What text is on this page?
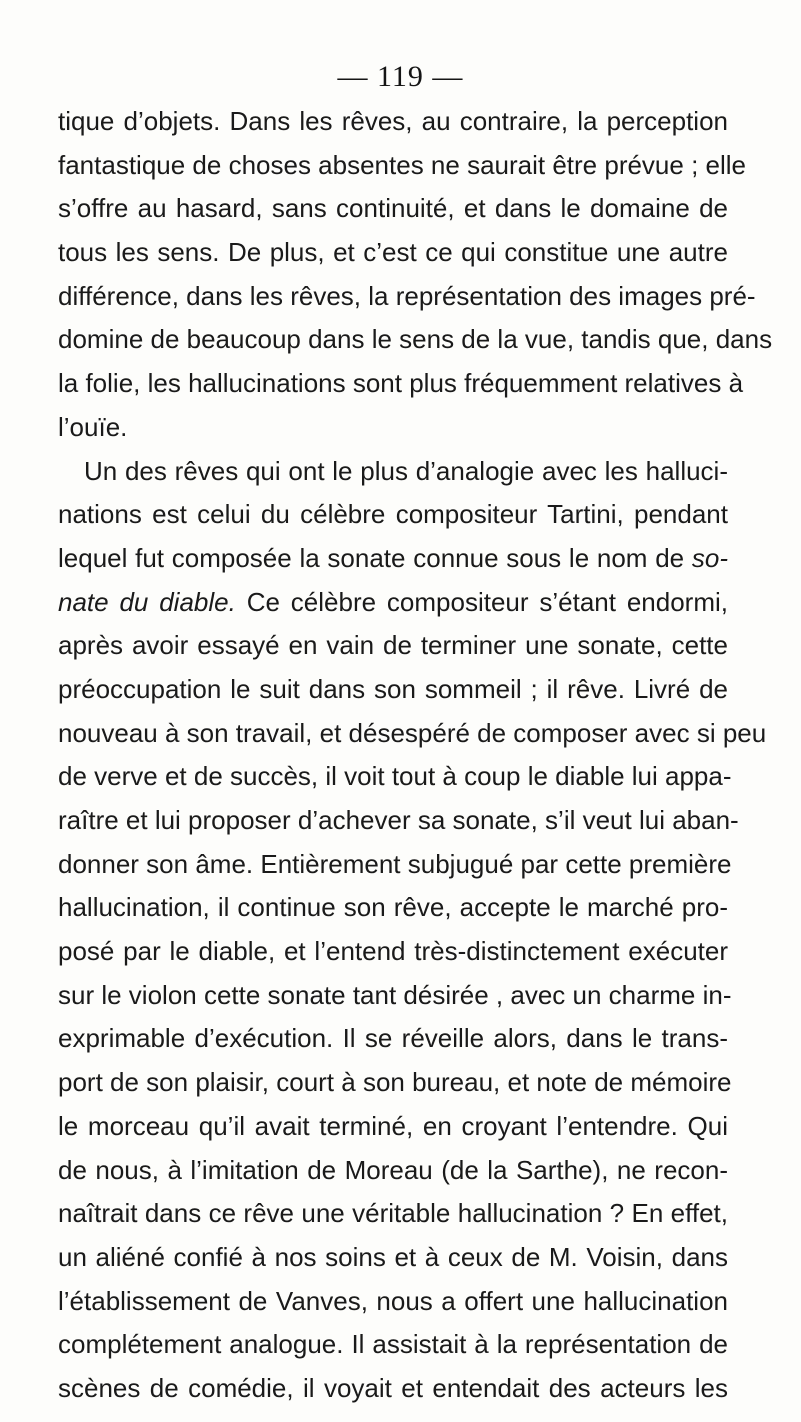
— 119 —
tique d’objets. Dans les rêves, au contraire, la perception
fantastique de choses absentes ne saurait être prévue ; elle
s’offre au hasard, sans continuité, et dans le domaine de
tous les sens. De plus, et c’est ce qui constitue une autre
différence, dans les rêves, la représentation des images pré-
domine de beaucoup dans le sens de la vue, tandis que, dans
la folie, les hallucinations sont plus fréquemment relatives à
l’ouïe.
Un des rêves qui ont le plus d’analogie avec les halluci-
nations est celui du célèbre compositeur Tartini, pendant
lequel fut composée la sonate connue sous le nom de so-
nate du diable. Ce célèbre compositeur s’étant endormi,
après avoir essayé en vain de terminer une sonate, cette
préoccupation le suit dans son sommeil ; il rêve. Livré de
nouveau à son travail, et désespéré de composer avec si peu
de verve et de succès, il voit tout à coup le diable lui appa-
raître et lui proposer d’achever sa sonate, s’il veut lui aban-
donner son âme. Entièrement subjugué par cette première
hallucination, il continue son rêve, accepte le marché pro-
posé par le diable, et l’entend très-distinctement exécuter
sur le violon cette sonate tant désirée , avec un charme in-
exprimable d’exécution. Il se réveille alors, dans le trans-
port de son plaisir, court à son bureau, et note de mémoire
le morceau qu’il avait terminé, en croyant l’entendre. Qui
de nous, à l’imitation de Moreau (de la Sarthe), ne recon-
naîtrait dans ce rêve une véritable hallucination ? En effet,
un aliéné confié à nos soins et à ceux de M. Voisin, dans
l’établissement de Vanves, nous a offert une hallucination
complétement analogue. Il assistait à la représentation de
scènes de comédie, il voyait et entendait des acteurs les
